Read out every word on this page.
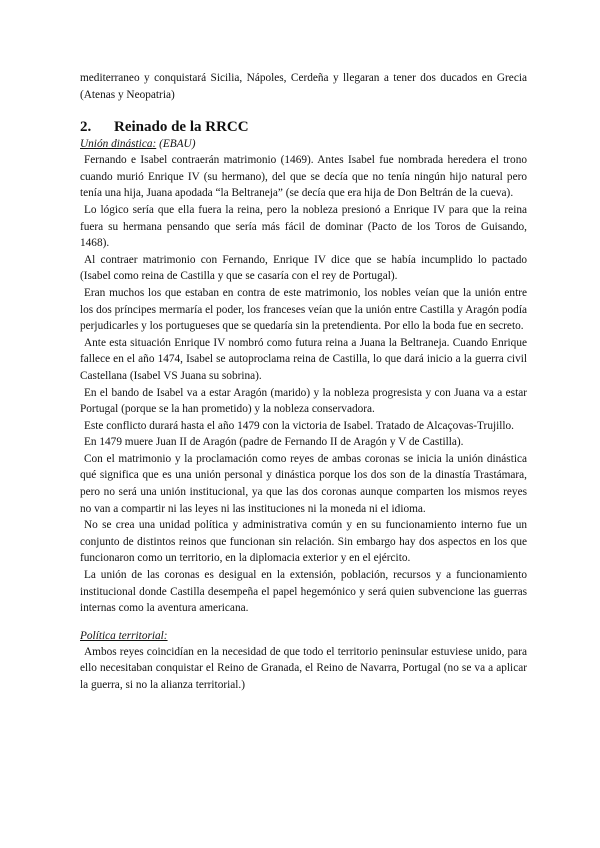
mediterraneo y conquistará Sicilia, Nápoles, Cerdeña y llegaran a tener dos ducados en Grecia (Atenas y Neopatria)

2. Reinado de la RRCC
Unión dinástica: (EBAU)

Fernando e Isabel contraerán matrimonio (1469). Antes Isabel fue nombrada heredera el trono cuando murió Enrique IV (su hermano), del que se decía que no tenía ningún hijo natural pero tenía una hija, Juana apodada “la Beltraneja” (se decía que era hija de Don Beltrán de la cueva).

Lo lógico sería que ella fuera la reina, pero la nobleza presionó a Enrique IV para que la reina fuera su hermana pensando que sería más fácil de dominar (Pacto de los Toros de Guisando, 1468).

Al contraer matrimonio con Fernando, Enrique IV dice que se había incumplido lo pactado (Isabel como reina de Castilla y que se casaría con el rey de Portugal).

Eran muchos los que estaban en contra de este matrimonio, los nobles veían que la unión entre los dos príncipes mermaría el poder, los franceses veían que la unión entre Castilla y Aragón podía perjudicarles y los portugueses que se quedaría sin la pretendienta. Por ello la boda fue en secreto.

Ante esta situación Enrique IV nombró como futura reina a Juana la Beltraneja. Cuando Enrique fallece en el año 1474, Isabel se autoproclama reina de Castilla, lo que dará inicio a la guerra civil Castellana (Isabel VS Juana su sobrina).

En el bando de Isabel va a estar Aragón (marido) y la nobleza progresista y con Juana va a estar Portugal (porque se la han prometido) y la nobleza conservadora.

Este conflicto durará hasta el año 1479 con la victoria de Isabel. Tratado de Alcaçovas-Trujillo.

En 1479 muere Juan II de Aragón (padre de Fernando II de Aragón y V de Castilla).

Con el matrimonio y la proclamación como reyes de ambas coronas se inicia la unión dinástica qué significa que es una unión personal y dinástica porque los dos son de la dinastía Trastámara, pero no será una unión institucional, ya que las dos coronas aunque comparten los mismos reyes no van a compartir ni las leyes ni las instituciones ni la moneda ni el idioma.

No se crea una unidad política y administrativa común y en su funcionamiento interno fue un conjunto de distintos reinos que funcionan sin relación. Sin embargo hay dos aspectos en los que funcionaron como un territorio, en la diplomacia exterior y en el ejército.

La unión de las coronas es desigual en la extensión, población, recursos y a funcionamiento institucional donde Castilla desempeña el papel hegemónico y será quien subvencione las guerras internas como la aventura americana.

Política territorial:

Ambos reyes coincidían en la necesidad de que todo el territorio peninsular estuviese unido, para ello necesitaban conquistar el Reino de Granada, el Reino de Navarra, Portugal (no se va a aplicar la guerra, si no la alianza territorial.)
